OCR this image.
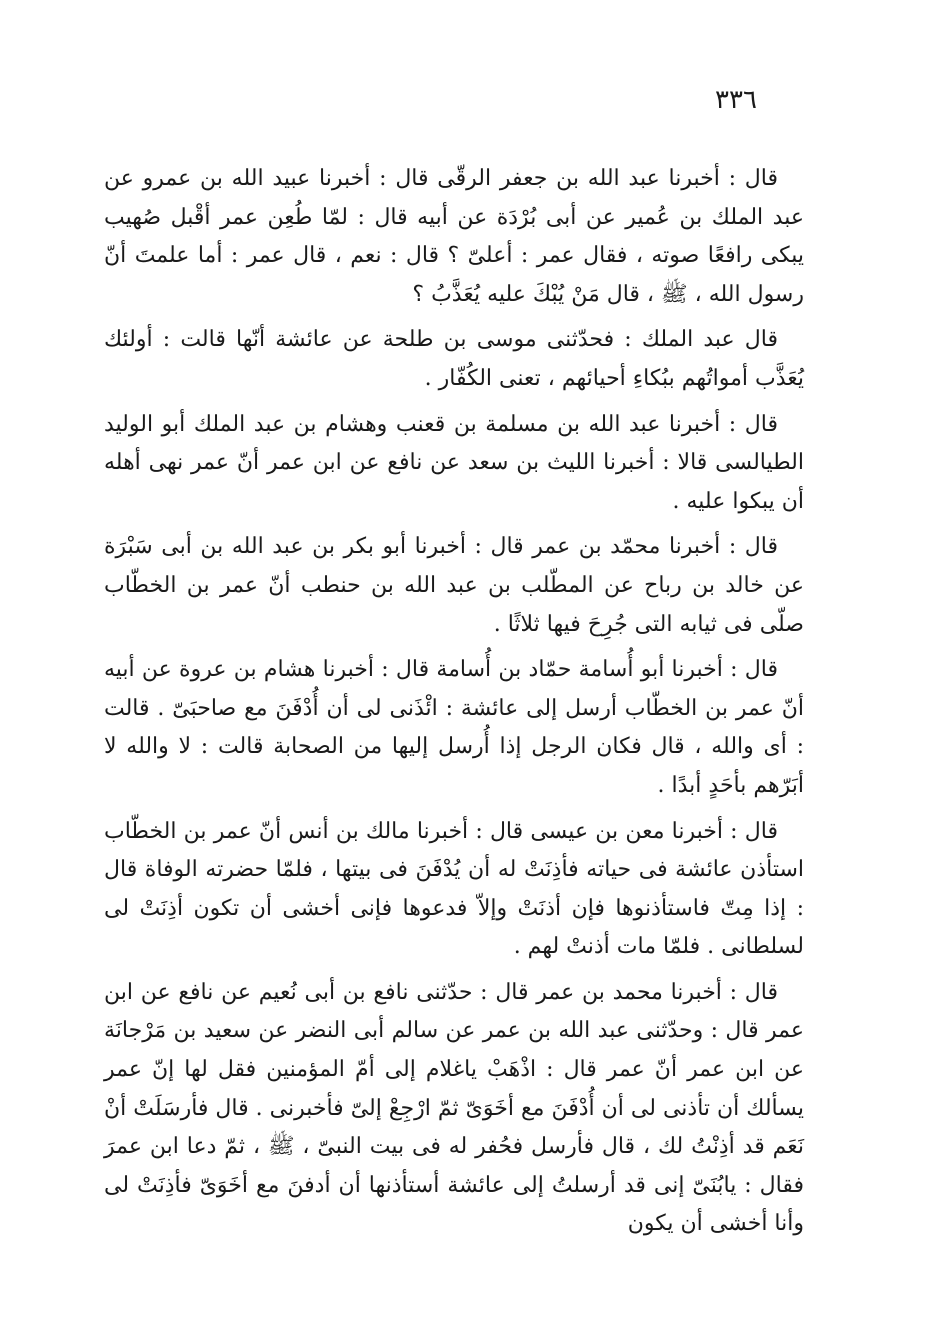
٣٣٦

قال : أخبرنا عبد الله بن جعفر الرقّى قال : أخبرنا عبيد الله بن عمرو عن عبد الملك بن عُمير عن أبى بُرْدَة عن أبيه قال : لمّا طُعِن عمر أقْبل صُهيب يبكى رافعًا صوته ، فقال عمر : أعلىّ ؟ قال : نعم ، قال عمر : أما علمتَ أنّ رسول الله ، ﷺ ، قال مَنْ يُبْكَ عليه يُعَذَّبُ ؟

قال عبد الملك : فحدّثنى موسى بن طلحة عن عائشة أنّها قالت : أولئك يُعَذَّب أمواتُهم ببُكاءِ أحيائهم ، تعنى الكُفّار .

قال : أخبرنا عبد الله بن مسلمة بن قعنب وهشام بن عبد الملك أبو الوليد الطيالسى قالا : أخبرنا الليث بن سعد عن نافع عن ابن عمر أنّ عمر نهى أهله أن يبكوا عليه .

قال : أخبرنا محمّد بن عمر قال : أخبرنا أبو بكر بن عبد الله بن أبى سَبْرَة عن خالد بن رباح عن المطّلب بن عبد الله بن حنطب أنّ عمر بن الخطّاب صلّى فى ثيابه التى جُرِحَ فيها ثلاثًا .

قال : أخبرنا أبو أُسامة حمّاد بن أُسامة قال : أخبرنا هشام بن عروة عن أبيه أنّ عمر بن الخطّاب أرسل إلى عائشة : ائْذَنى لى أن أُدْفَنَ مع صاحبَىّ . قالت : أى والله ، قال فكان الرجل إذا أُرسل إليها من الصحابة قالت : لا والله لا أبَرّهم بأحَدٍ أبدًا .

قال : أخبرنا معن بن عيسى قال : أخبرنا مالك بن أنس أنّ عمر بن الخطّاب استأذن عائشة فى حياته فأذِنَتْ له أن يُدْفَنَ فى بيتها ، فلمّا حضرته الوفاة قال : إذا مِتّ فاستأذنوها فإن أذنَتْ وإلاّ فدعوها فإنى أخشى أن تكون أذِنَتْ لى لسلطانى . فلمّا مات أذنتْ لهم .

قال : أخبرنا محمد بن عمر قال : حدّثنى نافع بن أبى نُعيم عن نافع عن ابن عمر قال : وحدّثنى عبد الله بن عمر عن سالم أبى النضر عن سعيد بن مَرْجانَة عن ابن عمر أنّ عمر قال : اذْهَبْ ياغلام إلى أمّ المؤمنين فقل لها إنّ عمر يسألك أن تأذنى لى أن أُدْفَنَ مع أخَوَىّ ثمّ ارْجِعْ إلىّ فأخبرنى . قال فأرسَلَتْ أنْ نَعَم قد أذِنْتُ لك ، قال فأرسل فحُفر له فى بيت النبىّ ، ﷺ ، ثمّ دعا ابن عمرَ فقال : يابُنَىّ إنى قد أرسلتُ إلى عائشة أستأذنها أن أدفنَ مع أخَوَىّ فأذِنَتْ لى وأنا أخشى أن يكون
